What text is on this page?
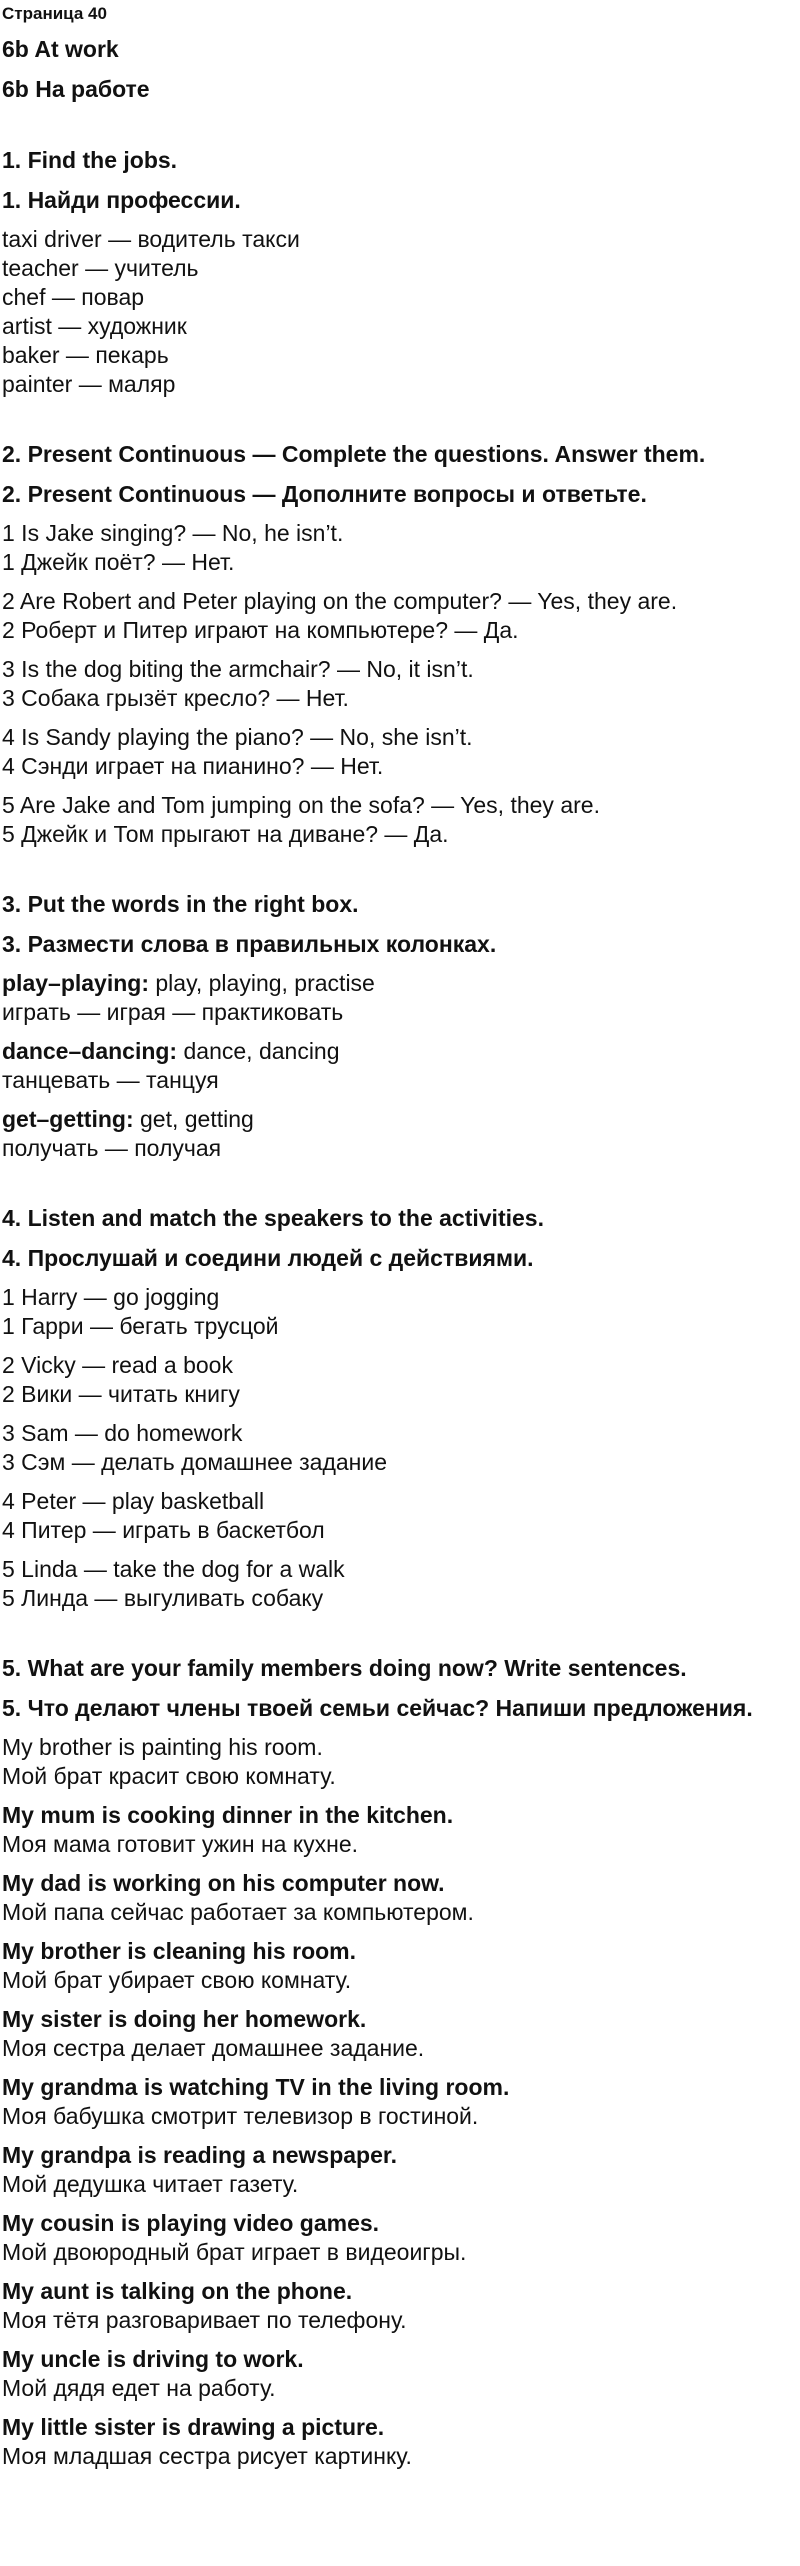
Страница 40
6b At work
6b На работе
1. Find the jobs.
1. Найди профессии.
taxi driver — водитель такси
teacher — учитель
chef — повар
artist — художник
baker — пекарь
painter — маляр
2. Present Continuous — Complete the questions. Answer them.
2. Present Continuous — Дополните вопросы и ответьте.
1 Is Jake singing? — No, he isn’t.
1 Джейк поёт? — Нет.
2 Are Robert and Peter playing on the computer? — Yes, they are.
2 Роберт и Питер играют на компьютере? — Да.
3 Is the dog biting the armchair? — No, it isn’t.
3 Собака грызёт кресло? — Нет.
4 Is Sandy playing the piano? — No, she isn’t.
4 Сэнди играет на пианино? — Нет.
5 Are Jake and Tom jumping on the sofa? — Yes, they are.
5 Джейк и Том прыгают на диване? — Да.
3. Put the words in the right box.
3. Размести слова в правильных колонках.
play–playing: play, playing, practise
играть — играя — практиковать
dance–dancing: dance, dancing
танцевать — танцуя
get–getting: get, getting
получать — получая
4. Listen and match the speakers to the activities.
4. Прослушай и соедини людей с действиями.
1 Harry — go jogging
1 Гарри — бегать трусцой
2 Vicky — read a book
2 Вики — читать книгу
3 Sam — do homework
3 Сэм — делать домашнее задание
4 Peter — play basketball
4 Питер — играть в баскетбол
5 Linda — take the dog for a walk
5 Линда — выгуливать собаку
5. What are your family members doing now? Write sentences.
5. Что делают члены твоей семьи сейчас? Напиши предложения.
My brother is painting his room.
Мой брат красит свою комнату.
My mum is cooking dinner in the kitchen.
Моя мама готовит ужин на кухне.
My dad is working on his computer now.
Мой папа сейчас работает за компьютером.
My brother is cleaning his room.
Мой брат убирает свою комнату.
My sister is doing her homework.
Моя сестра делает домашнее задание.
My grandma is watching TV in the living room.
Моя бабушка смотрит телевизор в гостиной.
My grandpa is reading a newspaper.
Мой дедушка читает газету.
My cousin is playing video games.
Мой двоюродный брат играет в видеоигры.
My aunt is talking on the phone.
Моя тётя разговаривает по телефону.
My uncle is driving to work.
Мой дядя едет на работу.
My little sister is drawing a picture.
Моя младшая сестра рисует картинку.
